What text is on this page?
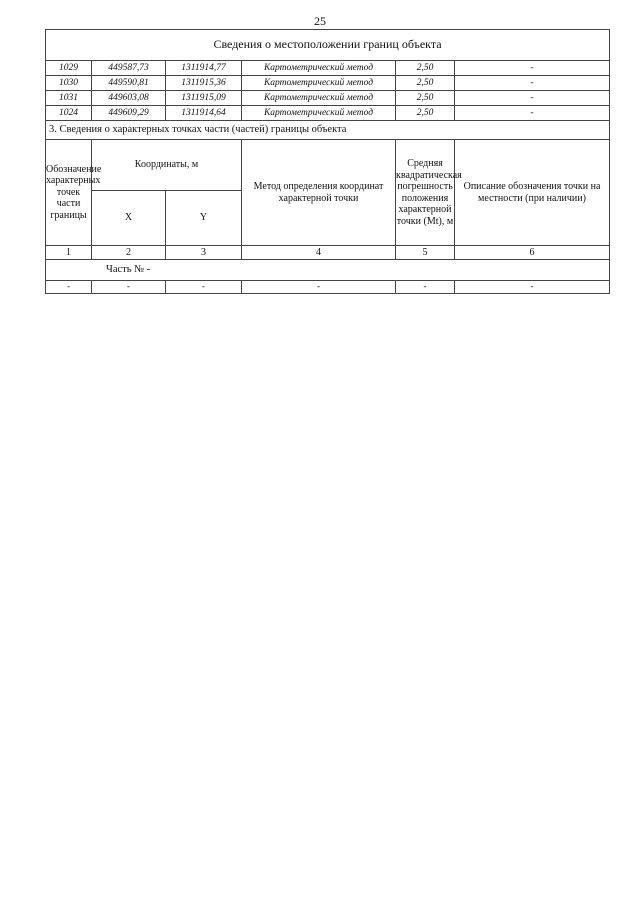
25
Сведения о местоположении границ объекта					
1029	449587,73	1311914,77	Картометрический метод	2,50	-
1030	449590,81	1311915,36	Картометрический метод	2,50	-
1031	449603,08	1311915,09	Картометрический метод	2,50	-
1024	449609,29	1311914,64	Картометрический метод	2,50	-
3. Сведения о характерных точках части (частей) границы объекта					
Обозначение характерных точек части границы	Координаты, м		Метод определения координат характерной точки	Средняя квадратическая погрешность положения характерной точки (Mt), м	Описание обозначения точки на местности (при наличии)
	X	Y			
1	2	3	4	5	6
Часть № -					
-	-	-	-	-	-
